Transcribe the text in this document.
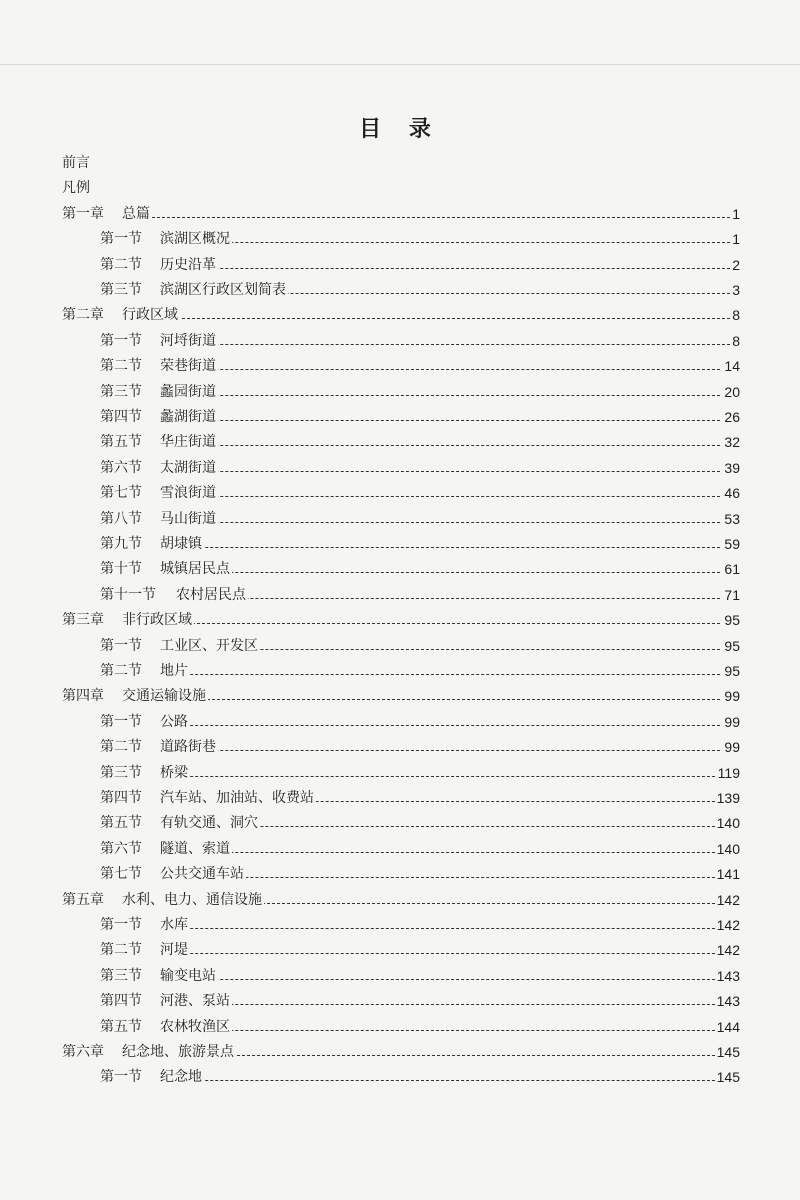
目 录
前言
凡例
第一章 总篇	1
第一节 滨湖区概况	1
第二节 历史沿革	2
第三节 滨湖区行政区划简表	3
第二章 行政区域	8
第一节 河埒街道	8
第二节 荣巷街道	14
第三节 蠡园街道	20
第四节 蠡湖街道	26
第五节 华庄街道	32
第六节 太湖街道	39
第七节 雪浪街道	46
第八节 马山街道	53
第九节 胡埭镇	59
第十节 城镇居民点	61
第十一节 农村居民点	71
第三章 非行政区域	95
第一节 工业区、开发区	95
第二节 地片	95
第四章 交通运输设施	99
第一节 公路	99
第二节 道路街巷	99
第三节 桥梁	119
第四节 汽车站、加油站、收费站	139
第五节 有轨交通、洞穴	140
第六节 隧道、索道	140
第七节 公共交通车站	141
第五章 水利、电力、通信设施	142
第一节 水库	142
第二节 河堤	142
第三节 输变电站	143
第四节 河港、泵站	143
第五节 农林牧渔区	144
第六章 纪念地、旅游景点	145
第一节 纪念地	145
